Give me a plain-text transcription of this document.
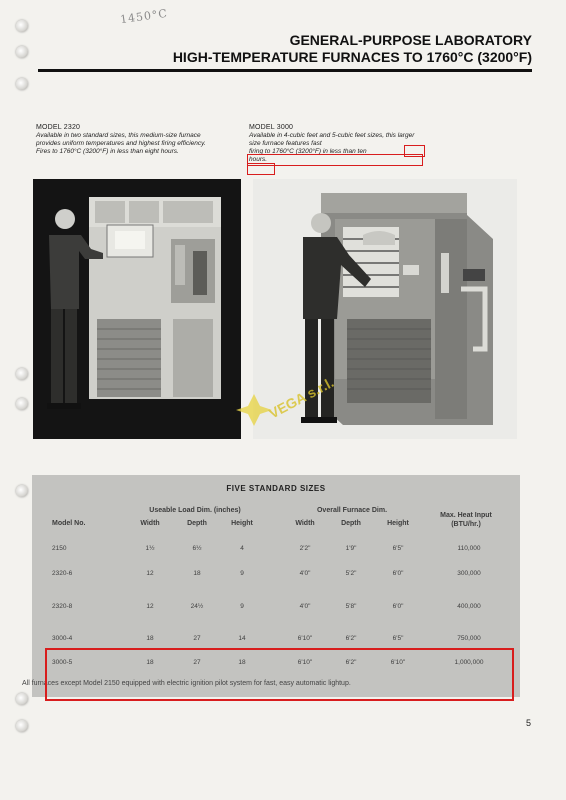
1450°C
GENERAL-PURPOSE LABORATORY
HIGH-TEMPERATURE FURNACES TO 1760°C (3200°F)
MODEL 2320
Available in two standard sizes, this medium-size furnace provides uniform temperatures and highest firing efficiency. Fires to 1760°C (3200°F) in less than eight hours.
MODEL 3000
Available in 4-cubic feet and 5-cubic feet sizes, this larger size furnace features fast
firing to 1760°C (3200°F) in less than ten
hours.
VEGA s.r.l.
FIVE STANDARD SIZES
Useable Load Dim. (inches)	Overall Furnace Dim.
Max. Heat Input (BTU/hr.)
Model No.	Width	Depth	Height	Width	Depth	Height
2150	1½	6½	4	2'2"	1'9"	6'5"	110,000
2320-6	12	18	9	4'0"	5'2"	6'0"	300,000
2320-8	12	24½	9	4'0"	5'8"	6'0"	400,000
3000-4	18	27	14	6'10"	6'2"	6'5"	750,000
3000-5	18	27	18	6'10"	6'2"	6'10"	1,000,000
All furnaces except Model 2150 equipped with electric ignition pilot system for fast, easy automatic lightup.
5
